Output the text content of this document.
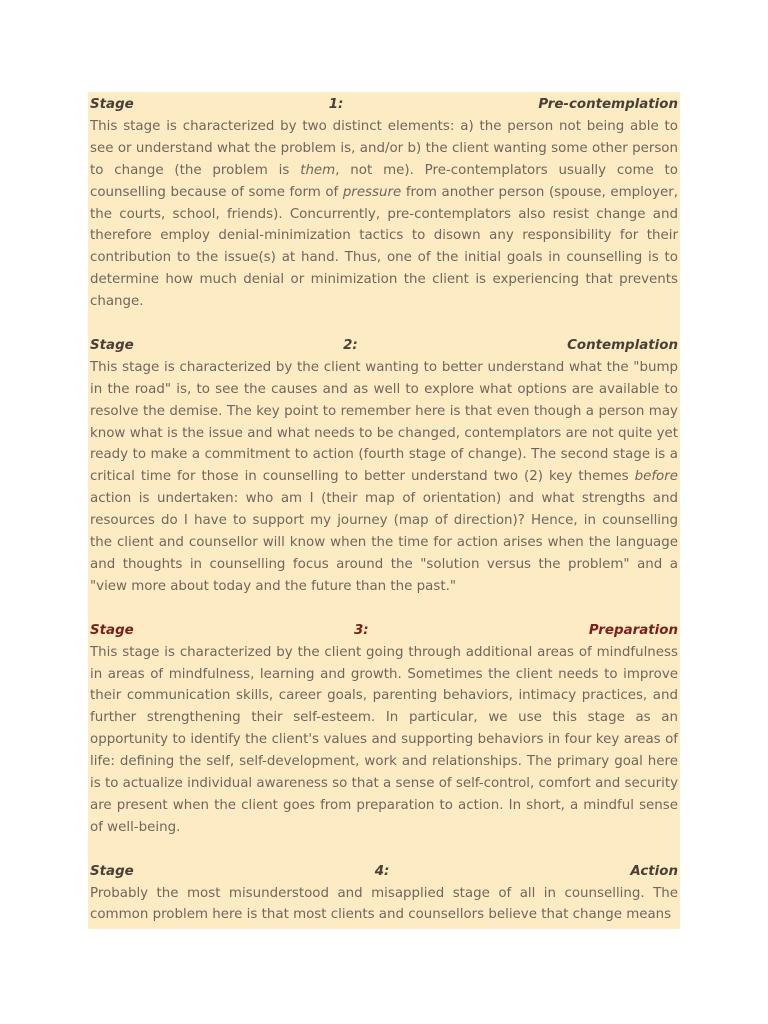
Stage	1:	Pre-contemplation

This stage is characterized by two distinct elements: a) the person not being able to see or understand what the problem is, and/or b) the client wanting some other person to change (the problem is them, not me). Pre-contemplators usually come to counselling because of some form of pressure from another person (spouse, employer, the courts, school, friends). Concurrently, pre-contemplators also resist change and therefore employ denial-minimization tactics to disown any responsibility for their contribution to the issue(s) at hand. Thus, one of the initial goals in counselling is to determine how much denial or minimization the client is experiencing that prevents change.

Stage	2:	Contemplation

This stage is characterized by the client wanting to better understand what the "bump in the road" is, to see the causes and as well to explore what options are available to resolve the demise. The key point to remember here is that even though a person may know what is the issue and what needs to be changed, contemplators are not quite yet ready to make a commitment to action (fourth stage of change). The second stage is a critical time for those in counselling to better understand two (2) key themes before action is undertaken: who am I (their map of orientation) and what strengths and resources do I have to support my journey (map of direction)? Hence, in counselling the client and counsellor will know when the time for action arises when the language and thoughts in counselling focus around the "solution versus the problem" and a "view more about today and the future than the past."

Stage	3:	Preparation

This stage is characterized by the client going through additional areas of mindfulness in areas of mindfulness, learning and growth. Sometimes the client needs to improve their communication skills, career goals, parenting behaviors, intimacy practices, and further strengthening their self-esteem. In particular, we use this stage as an opportunity to identify the client's values and supporting behaviors in four key areas of life: defining the self, self-development, work and relationships. The primary goal here is to actualize individual awareness so that a sense of self-control, comfort and security are present when the client goes from preparation to action. In short, a mindful sense of well-being.

Stage	4:	Action

Probably the most misunderstood and misapplied stage of all in counselling. The common problem here is that most clients and counsellors believe that change means
